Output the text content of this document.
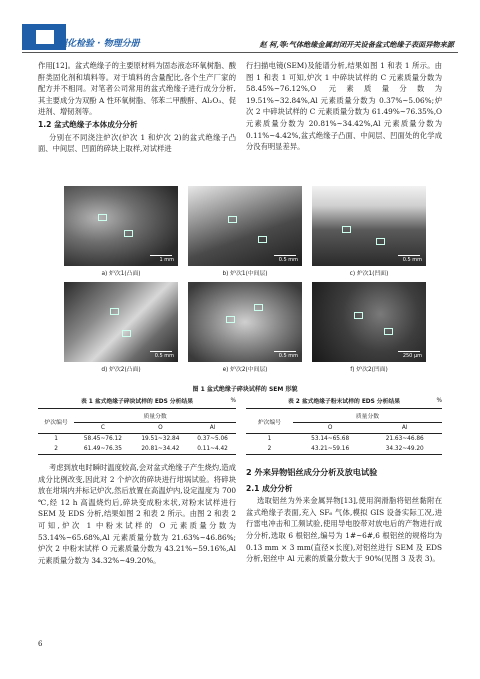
理化检验 · 物理分册	赵 柯,等:气体绝缘金属封闭开关设备盆式绝缘子表面异物来源

作用[12]。盆式绝缘子的主要原材料为固态液态环氧树脂、酸酐类固化剂和填料等。对于填料的含量配比,各个生产厂家的配方并不相同。对笔者公司常用的盆式绝缘子进行成分分析,其主要成分为双酚 A 性环氧树脂、邻苯二甲酸酐、Al₂O₃、促进剂、增韧剂等。

1.2 盆式绝缘子本体成分分析

分别在不同浇注炉次(炉次 1 和炉次 2)的盆式绝缘子凸面、中间层、凹面的碎块上取样,对试样进

行扫描电镜(SEM)及能谱分析,结果如图 1 和表 1 所示。由图 1 和表 1 可知,炉次 1 中碎块试样的 C 元素质量分数为 58.45%~76.12%,O 元素质量分数为 19.51%~32.84%,Al 元素质量分数为 0.37%~5.06%;炉次 2 中碎块试样的 C 元素质量分数为 61.49%~76.35%,O 元素质量分数为 20.81%~34.42%,Al 元素质量分数为 0.11%~4.42%,盆式绝缘子凸面、中间层、凹面处的化学成分没有明显差异。

1 mm
a) 炉次1(凸面)
0.5 mm
b) 炉次1(中间层)
0.5 mm
c) 炉次1(凹面)
0.5 mm
d) 炉次2(凸面)
0.5 mm
e) 炉次2(中间层)
250 μm
f) 炉次2(凹面)
图 1 盆式绝缘子碎块试样的 SEM 形貌
表 1 盆式绝缘子碎块试样的 EDS 分析结果	%
炉次编号	质量分数		
	C	O	Al
1	58.45~76.12	19.51~32.84	0.37~5.06
2	61.49~76.35	20.81~34.42	0.11~4.42
表 2 盆式绝缘子粉末试样的 EDS 分析结果	%
炉次编号	质量分数	
	O	Al
1	53.14~65.68	21.63~46.86
2	43.21~59.16	34.32~49.20

考虑到放电时瞬时温度较高,会对盆式绝缘子产生烧灼,造成成分比例改变,因此对 2 个炉次的碎块进行坩埚试验。将碎块放在坩埚内并标记炉次,然后放置在高温炉内,设定温度为 700 ℃,经 12 h 高温烧灼后,碎块变成粉末状,对粉末试样进行 SEM 及 EDS 分析,结果如图 2 和表 2 所示。由图 2 和表 2 可知,炉次 1 中粉末试样的 O 元素质量分数为 53.14%~65.68%,Al 元素质量分数为 21.63%~46.86%;炉次 2 中粉末试样 O 元素质量分数为 43.21%~59.16%,Al 元素质量分数为 34.32%~49.20%。

2 外来异物铝丝成分分析及放电试验

2.1 成分分析

选取铝丝为外来金属异物[13],使用润滑脂将铝丝黏附在盆式绝缘子表面,充入 SF₆ 气体,模拟 GIS 设备实际工况,进行雷电冲击和工频试验,使用导电胶带对放电后的产物进行成分分析,选取 6 根铝丝,编号为 1#~6#,6 根铝丝的规格均为 0.13 mm × 3 mm(直径×长度),对铝丝进行 SEM 及 EDS 分析,铝丝中 Al 元素的质量分数大于 90%(见图 3 及表 3)。

6
